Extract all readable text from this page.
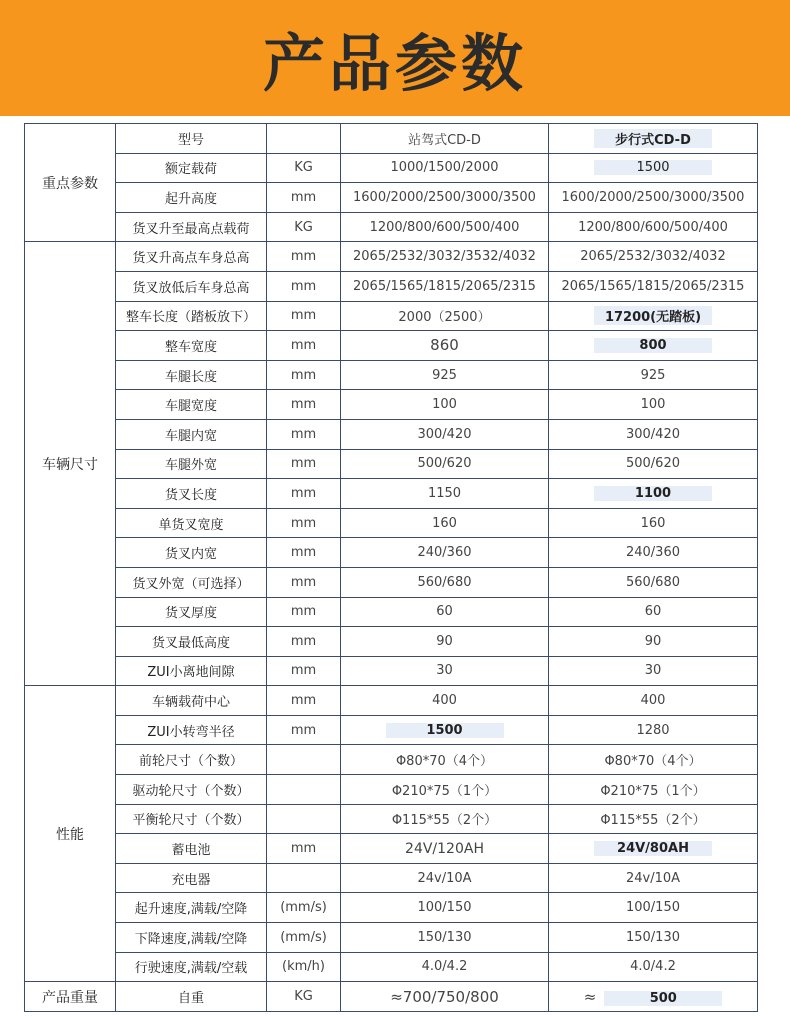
产品参数
重点参数	型号		站驾式CD-D	步行式CD-D
	额定载荷	KG	1000/1500/2000	1500
	起升高度	mm	1600/2000/2500/3000/3500	1600/2000/2500/3000/3500
	货叉升至最高点载荷	KG	1200/800/600/500/400	1200/800/600/500/400
车辆尺寸	货叉升高点车身总高	mm	2065/2532/3032/3532/4032	2065/2532/3032/4032
	货叉放低后车身总高	mm	2065/1565/1815/2065/2315	2065/1565/1815/2065/2315
	整车长度（踏板放下）	mm	2000（2500）	17200(无踏板)
	整车宽度	mm	860	800
	车腿长度	mm	925	925
	车腿宽度	mm	100	100
	车腿内宽	mm	300/420	300/420
	车腿外宽	mm	500/620	500/620
	货叉长度	mm	1150	1100
	单货叉宽度	mm	160	160
	货叉内宽	mm	240/360	240/360
	货叉外宽（可选择）	mm	560/680	560/680
	货叉厚度	mm	60	60
	货叉最低高度	mm	90	90
	ZUI小离地间隙	mm	30	30
性能	车辆载荷中心	mm	400	400
	ZUI小转弯半径	mm	1500	1280
	前轮尺寸（个数）		Φ80*70（4个）	Φ80*70（4个）
	驱动轮尺寸（个数）		Φ210*75（1个）	Φ210*75（1个）
	平衡轮尺寸（个数）		Φ115*55（2个）	Φ115*55（2个）
	蓄电池	mm	24V/120AH	24V/80AH
	充电器		24v/10A	24v/10A
	起升速度,满载/空降	(mm/s)	100/150	100/150
	下降速度,满载/空降	(mm/s)	150/130	150/130
	行驶速度,满载/空载	(km/h)	4.0/4.2	4.0/4.2
产品重量	自重	KG	≈700/750/800	≈ 500
